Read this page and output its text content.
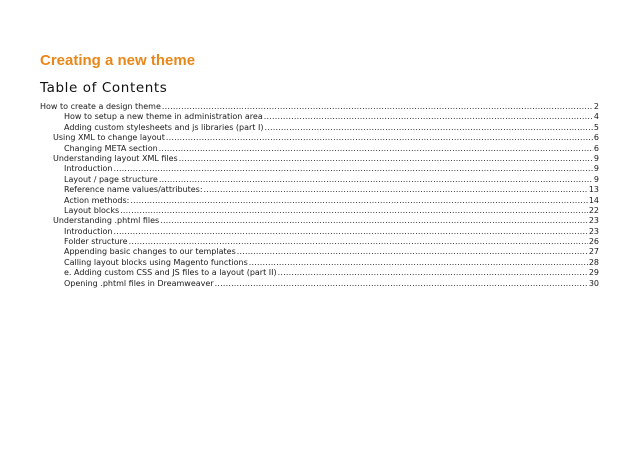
Creating a new theme
Table of Contents
How to create a design theme .....	2
How to setup a new theme in administration area .....	4
Adding custom stylesheets and js libraries (part I) .....	5
Using XML to change layout .....	6
Changing META section .....	6
Understanding layout XML files .....	9
Introduction .....	9
Layout / page structure .....	9
Reference name values/attributes: .....	13
Action methods: .....	14
Layout blocks .....	22
Understanding .phtml files .....	23
Introduction .....	23
Folder structure .....	26
Appending basic changes to our templates .....	27
Calling layout blocks using Magento functions .....	28
e. Adding custom CSS and JS files to a layout (part II) .....	29
Opening .phtml files in Dreamweaver .....	30
